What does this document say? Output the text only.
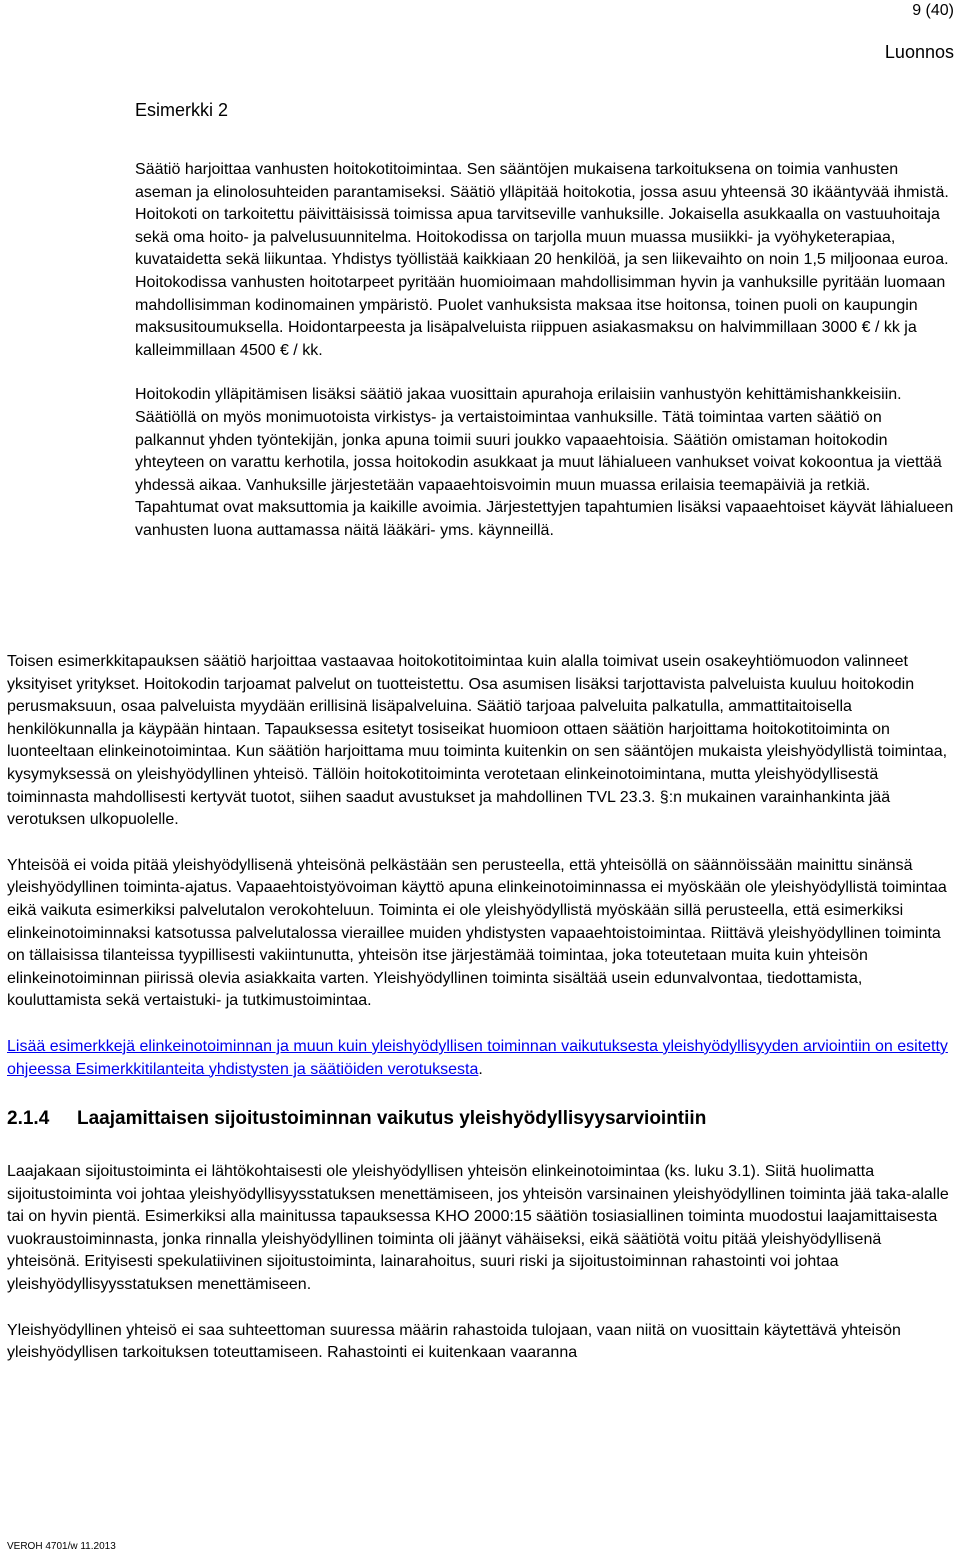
9 (40)
Luonnos
Esimerkki 2

Säätiö harjoittaa vanhusten hoitokotitoimintaa. Sen sääntöjen mukaisena tarkoituksena on toimia vanhusten aseman ja elinolosuhteiden parantamiseksi. Säätiö ylläpitää hoitokotia, jossa asuu yhteensä 30 ikääntyvää ihmistä. Hoitokoti on tarkoitettu päivittäisissä toimissa apua tarvitseville vanhuksille. Jokaisella asukkaalla on vastuuhoitaja sekä oma hoito- ja palvelusuunnitelma. Hoitokodissa on tarjolla muun muassa musiikki- ja vyöhyketerapiaa, kuvataidetta sekä liikuntaa. Yhdistys työllistää kaikkiaan 20 henkilöä, ja sen liikevaihto on noin 1,5 miljoonaa euroa. Hoitokodissa vanhusten hoitotarpeet pyritään huomioimaan mahdollisimman hyvin ja vanhuksille pyritään luomaan mahdollisimman kodinomainen ympäristö. Puolet vanhuksista maksaa itse hoitonsa, toinen puoli on kaupungin maksusitoumuksella. Hoidontarpeesta ja lisäpalveluista riippuen asiakasmaksu on halvimmillaan 3000 € / kk ja kalleimmillaan 4500 € / kk.

Hoitokodin ylläpitämisen lisäksi säätiö jakaa vuosittain apurahoja erilaisiin vanhustyön kehittämishankkeisiin. Säätiöllä on myös monimuotoista virkistys- ja vertaistoimintaa vanhuksille. Tätä toimintaa varten säätiö on palkannut yhden työntekijän, jonka apuna toimii suuri joukko vapaaehtoisia. Säätiön omistaman hoitokodin yhteyteen on varattu kerhotila, jossa hoitokodin asukkaat ja muut lähialueen vanhukset voivat kokoontua ja viettää yhdessä aikaa. Vanhuksille järjestetään vapaaehtoisvoimin muun muassa erilaisia teemapäiviä ja retkiä. Tapahtumat ovat maksuttomia ja kaikille avoimia. Järjestettyjen tapahtumien lisäksi vapaaehtoiset käyvät lähialueen vanhusten luona auttamassa näitä lääkäri- yms. käynneillä.

Toisen esimerkkitapauksen säätiö harjoittaa vastaavaa hoitokotitoimintaa kuin alalla toimivat usein osakeyhtiömuodon valinneet yksityiset yritykset. Hoitokodin tarjoamat palvelut on tuotteistettu. Osa asumisen lisäksi tarjottavista palveluista kuuluu hoitokodin perusmaksuun, osaa palveluista myydään erillisinä lisäpalveluina. Säätiö tarjoaa palveluita palkatulla, ammattitaitoisella henkilökunnalla ja käypään hintaan. Tapauksessa esitetyt tosiseikat huomioon ottaen säätiön harjoittama hoitokotitoiminta on luonteeltaan elinkeinotoimintaa. Kun säätiön harjoittama muu toiminta kuitenkin on sen sääntöjen mukaista yleishyödyllistä toimintaa, kysymyksessä on yleishyödyllinen yhteisö. Tällöin hoitokotitoiminta verotetaan elinkeinotoimintana, mutta yleishyödyllisestä toiminnasta mahdollisesti kertyvät tuotot, siihen saadut avustukset ja mahdollinen TVL 23.3. §:n mukainen varainhankinta jää verotuksen ulkopuolelle.

Yhteisöä ei voida pitää yleishyödyllisenä yhteisönä pelkästään sen perusteella, että yhteisöllä on säännöissään mainittu sinänsä yleishyödyllinen toiminta-ajatus. Vapaaehtoistyövoiman käyttö apuna elinkeinotoiminnassa ei myöskään ole yleishyödyllistä toimintaa eikä vaikuta esimerkiksi palvelutalon verokohteluun. Toiminta ei ole yleishyödyllistä myöskään sillä perusteella, että esimerkiksi elinkeinotoiminnaksi katsotussa palvelutalossa vieraillee muiden yhdistysten vapaaehtoistoimintaa. Riittävä yleishyödyllinen toiminta on tällaisissa tilanteissa tyypillisesti vakiintunutta, yhteisön itse järjestämää toimintaa, joka toteutetaan muita kuin yhteisön elinkeinotoiminnan piirissä olevia asiakkaita varten. Yleishyödyllinen toiminta sisältää usein edunvalvontaa, tiedottamista, kouluttamista sekä vertaistuki- ja tutkimustoimintaa.

Lisää esimerkkejä elinkeinotoiminnan ja muun kuin yleishyödyllisen toiminnan vaikutuksesta yleishyödyllisyyden arviointiin on esitetty ohjeessa Esimerkkitilanteita yhdistysten ja säätiöiden verotuksesta.

2.1.4	Laajamittaisen sijoitustoiminnan vaikutus yleishyödyllisyysarviointiin

Laajakaan sijoitustoiminta ei lähtökohtaisesti ole yleishyödyllisen yhteisön elinkeinotoimintaa (ks. luku 3.1). Siitä huolimatta sijoitustoiminta voi johtaa yleishyödyllisyysstatuksen menettämiseen, jos yhteisön varsinainen yleishyödyllinen toiminta jää taka-alalle tai on hyvin pientä. Esimerkiksi alla mainitussa tapauksessa KHO 2000:15 säätiön tosiasiallinen toiminta muodostui laajamittaisesta vuokraustoiminnasta, jonka rinnalla yleishyödyllinen toiminta oli jäänyt vähäiseksi, eikä säätiötä voitu pitää yleishyödyllisenä yhteisönä. Erityisesti spekulatiivinen sijoitustoiminta, lainarahoitus, suuri riski ja sijoitustoiminnan rahastointi voi johtaa yleishyödyllisyysstatuksen menettämiseen.

Yleishyödyllinen yhteisö ei saa suhteettoman suuressa määrin rahastoida tulojaan, vaan niitä on vuosittain käytettävä yhteisön yleishyödyllisen tarkoituksen toteuttamiseen. Rahastointi ei kuitenkaan vaaranna

VEROH 4701/w 11.2013
